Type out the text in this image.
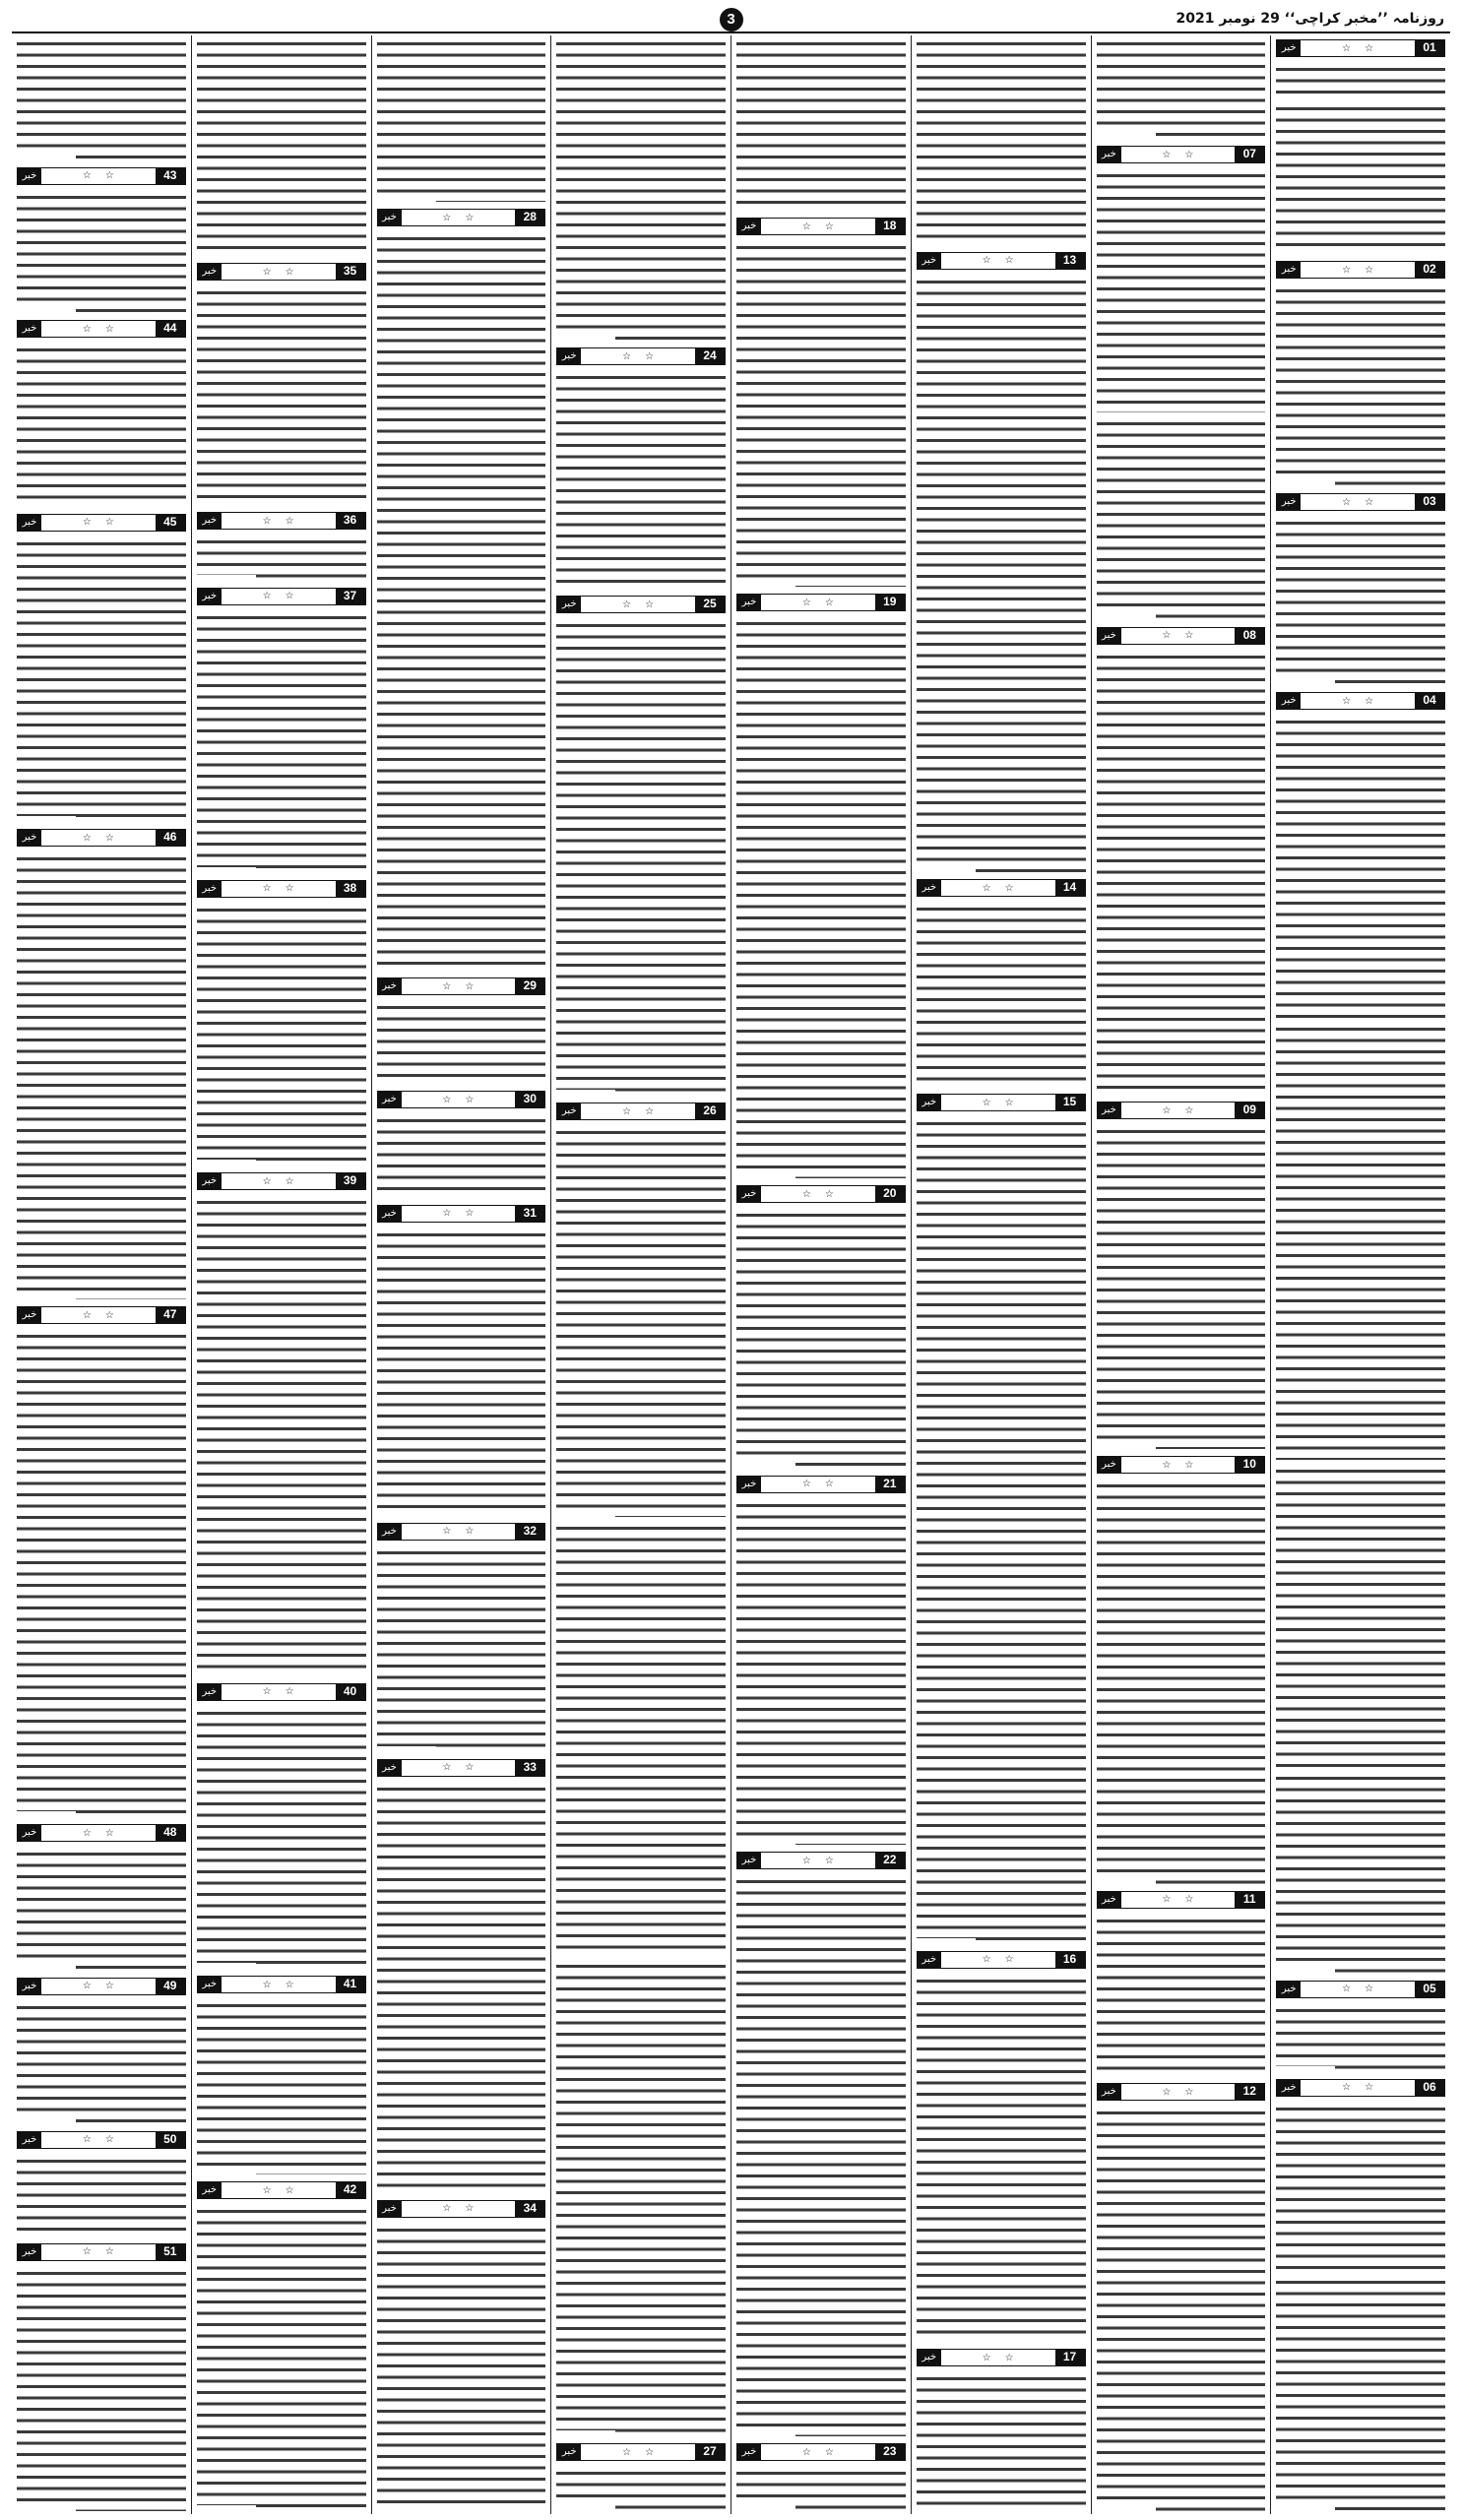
روزنامہ ’’مخبر کراچی‘‘ 29 نومبر 2021
3
01
☆ ☆
خبر
02
☆ ☆
خبر
03
☆ ☆
خبر
04
☆ ☆
خبر
05
☆ ☆
خبر
06
☆ ☆
خبر
07
☆ ☆
خبر
08
☆ ☆
خبر
09
☆ ☆
خبر
10
☆ ☆
خبر
11
☆ ☆
خبر
12
☆ ☆
خبر
13
☆ ☆
خبر
14
☆ ☆
خبر
15
☆ ☆
خبر
16
☆ ☆
خبر
17
☆ ☆
خبر
18
☆ ☆
خبر
19
☆ ☆
خبر
20
☆ ☆
خبر
21
☆ ☆
خبر
22
☆ ☆
خبر
23
☆ ☆
خبر
24
☆ ☆
خبر
25
☆ ☆
خبر
26
☆ ☆
خبر
27
☆ ☆
خبر
28
☆ ☆
خبر
29
☆ ☆
خبر
30
☆ ☆
خبر
31
☆ ☆
خبر
32
☆ ☆
خبر
33
☆ ☆
خبر
34
☆ ☆
خبر
35
☆ ☆
خبر
36
☆ ☆
خبر
37
☆ ☆
خبر
38
☆ ☆
خبر
39
☆ ☆
خبر
40
☆ ☆
خبر
41
☆ ☆
خبر
42
☆ ☆
خبر
43
☆ ☆
خبر
44
☆ ☆
خبر
45
☆ ☆
خبر
46
☆ ☆
خبر
47
☆ ☆
خبر
48
☆ ☆
خبر
49
☆ ☆
خبر
50
☆ ☆
خبر
51
☆ ☆
خبر
